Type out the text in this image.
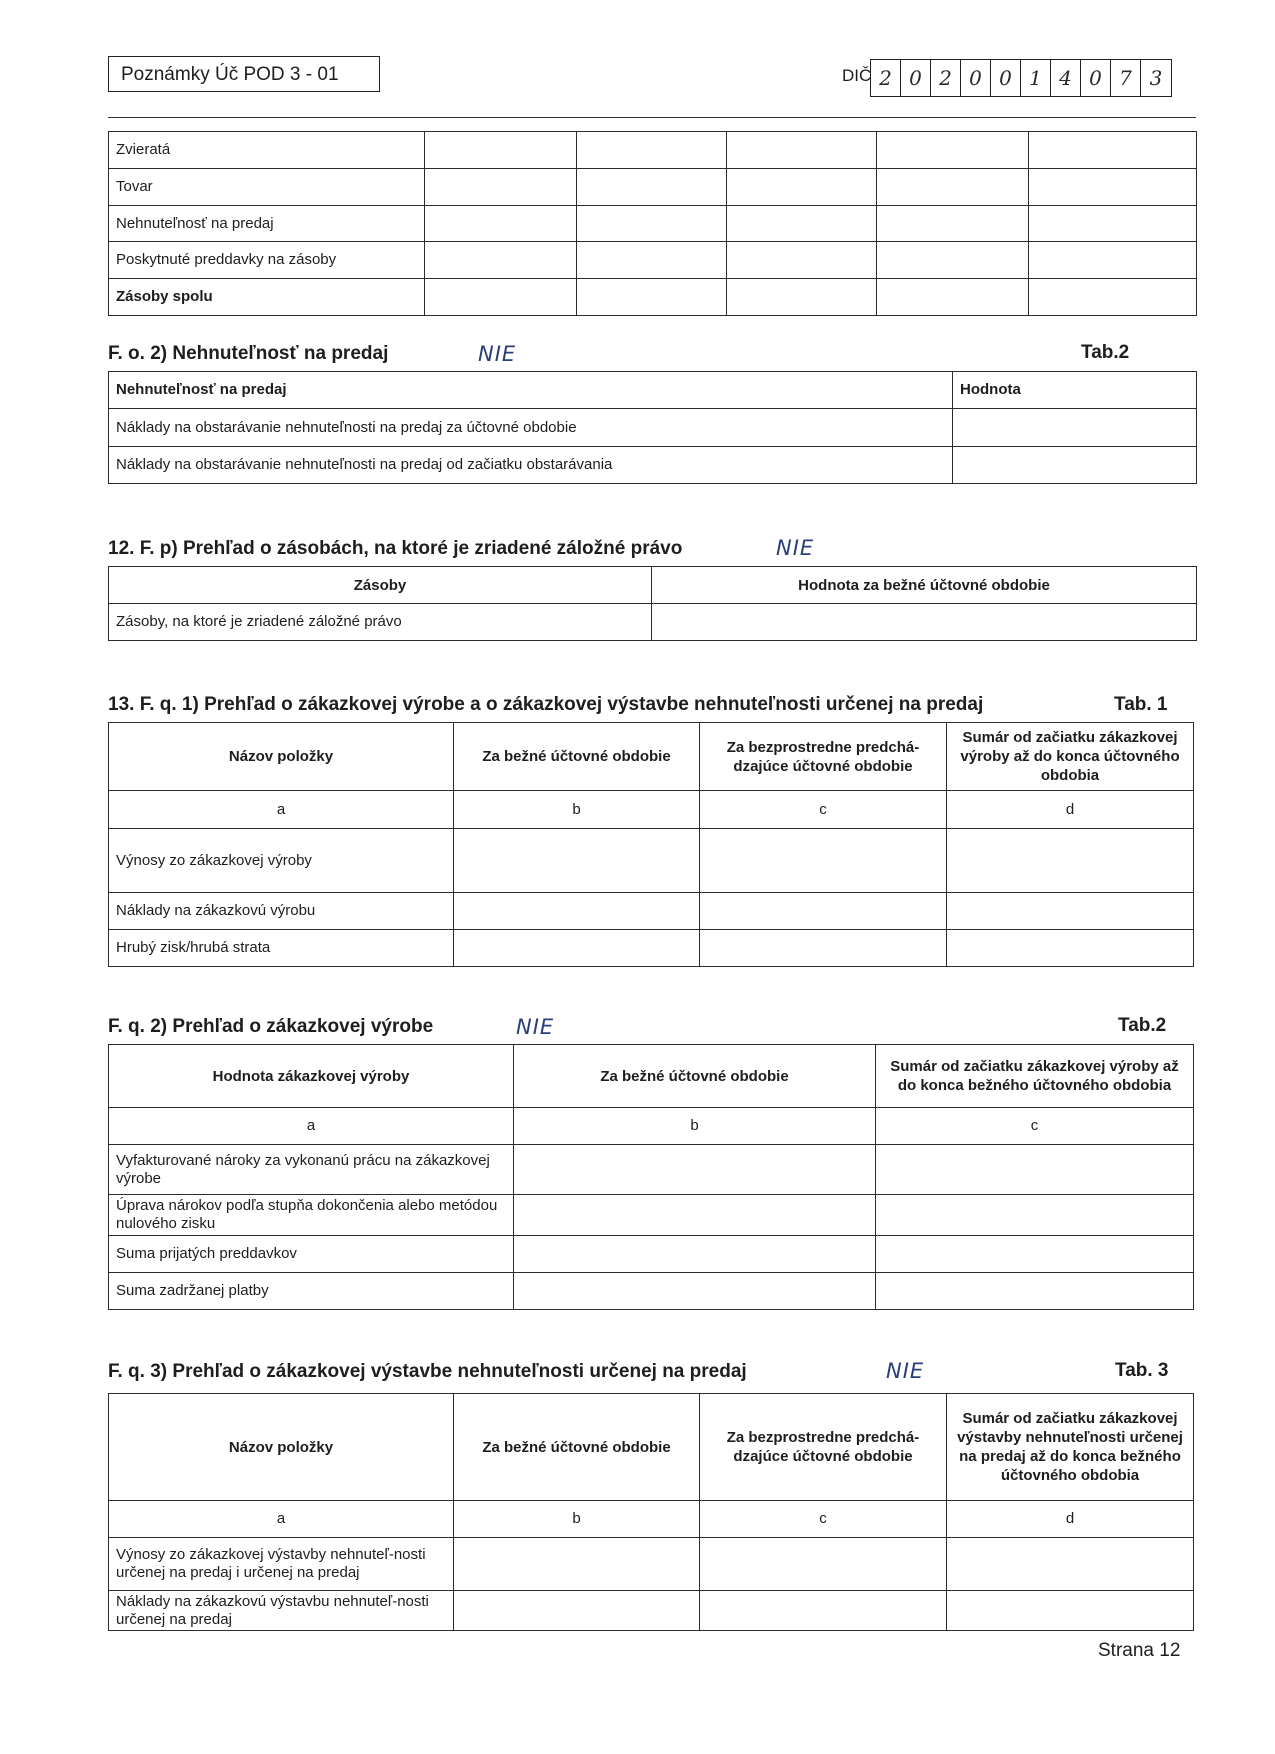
Poznámky Úč POD 3 - 01	DIČ 2 0 2 0 0 1 4 0 7 3
Zvieratá					
Tovar					
Nehnuteľnosť na predaj					
Poskytnuté preddavky na zásoby					
Zásoby spolu					
F. o. 2) Nehnuteľnosť na predaj	NIE	Tab.2
Nehnuteľnosť na predaj	Hodnota
Náklady na obstarávanie nehnuteľnosti na predaj za účtovné obdobie	
Náklady na obstarávanie nehnuteľnosti na predaj od začiatku obstarávania	
12. F. p) Prehľad o zásobách, na ktoré je zriadené záložné právo	NIE
Zásoby	Hodnota za bežné účtovné obdobie
Zásoby, na ktoré je zriadené záložné právo	
13. F. q. 1) Prehľad o zákazkovej výrobe a o zákazkovej výstavbe nehnuteľnosti určenej na predaj	Tab. 1
Názov položky	Za bežné účtovné obdobie	Za bezprostredne predchá-dzajúce účtovné obdobie	Sumár od začiatku zákazkovej výroby až do konca účtovného obdobia
a	b	c	d
Výnosy zo zákazkovej výroby			
Náklady na zákazkovú výrobu			
Hrubý zisk/hrubá strata			
F. q. 2) Prehľad o zákazkovej výrobe	NIE	Tab.2
Hodnota zákazkovej výroby	Za bežné účtovné obdobie	Sumár od začiatku zákazkovej výroby až do konca bežného účtovného obdobia
a	b	c
Vyfakturované nároky za vykonanú prácu na zákazkovej výrobe		
Úprava nárokov podľa stupňa dokončenia alebo metódou nulového zisku		
Suma prijatých preddavkov		
Suma zadržanej platby		
F. q. 3) Prehľad o zákazkovej výstavbe nehnuteľnosti určenej na predaj	NIE	Tab. 3
Názov položky	Za bežné účtovné obdobie	Za bezprostredne predchá-dzajúce účtovné obdobie	Sumár od začiatku zákazkovej výstavby nehnuteľnosti určenej na predaj až do konca bežného účtovného obdobia
a	b	c	d
Výnosy zo zákazkovej výstavby nehnuteľ-nosti určenej na predaj i určenej na predaj			
Náklady na zákazkovú výstavbu nehnuteľ-nosti určenej na predaj			
Strana 12
